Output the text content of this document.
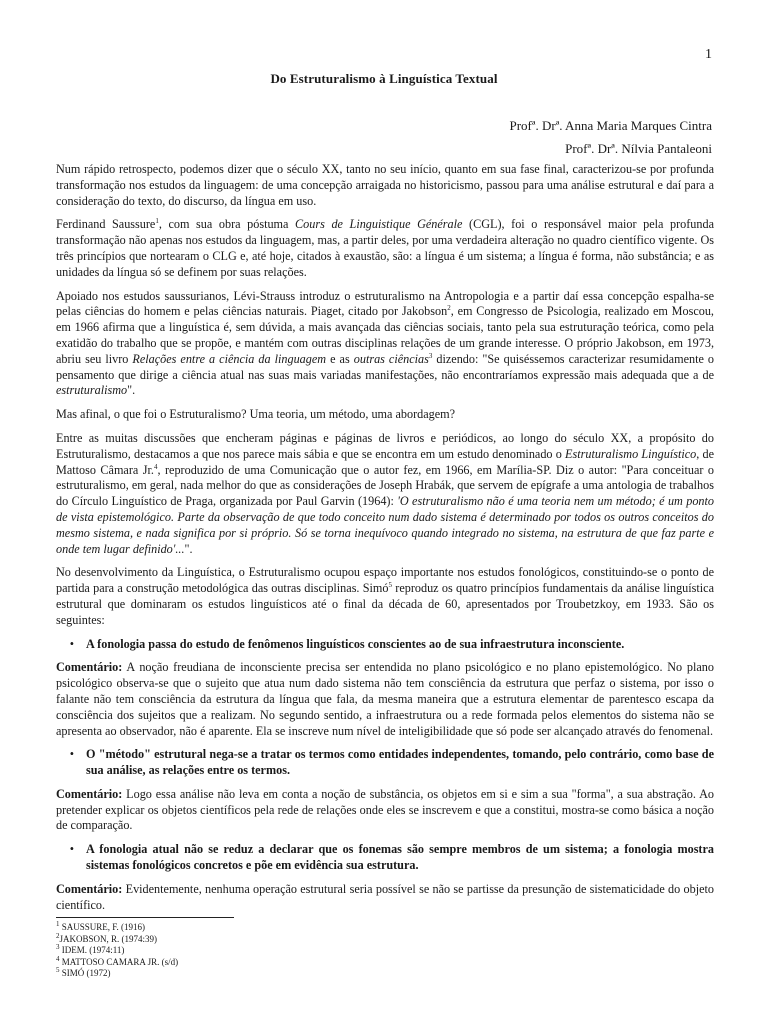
1
Do Estruturalismo à Linguística Textual
Profª. Drª. Anna Maria Marques Cintra
Profª. Drª. Nílvia Pantaleoni

Num rápido retrospecto, podemos dizer que o século XX, tanto no seu início, quanto em sua fase final, caracterizou-se por profunda transformação nos estudos da linguagem: de uma concepção arraigada no historicismo, passou para uma análise estrutural e daí para a consideração do texto, do discurso, da língua em uso.

Ferdinand Saussure$^1$, com sua obra póstuma Cours de Linguistique Générale (CGL), foi o responsável maior pela profunda transformação não apenas nos estudos da linguagem, mas, a partir deles, por uma verdadeira alteração no quadro científico vigente. Os três princípios que nortearam o CLG e, até hoje, citados à exaustão, são: a língua é um sistema; a língua é forma, não substância; e as unidades da língua só se definem por suas relações.

Apoiado nos estudos saussurianos, Lévi-Strauss introduz o estruturalismo na Antropologia e a partir daí essa concepção espalha-se pelas ciências do homem e pelas ciências naturais. Piaget, citado por Jakobson$^2$, em Congresso de Psicologia, realizado em Moscou, em 1966 afirma que a linguística é, sem dúvida, a mais avançada das ciências sociais, tanto pela sua estruturação teórica, como pela exatidão do trabalho que se propõe, e mantém com outras disciplinas relações de um grande interesse. O próprio Jakobson, em 1973, abriu seu livro Relações entre a ciência da linguagem e as outras ciências$^3$ dizendo: "Se quiséssemos caracterizar resumidamente o pensamento que dirige a ciência atual nas suas mais variadas manifestações, não encontraríamos expressão mais adequada que a de estruturalismo".

Mas afinal, o que foi o Estruturalismo? Uma teoria, um método, uma abordagem?

Entre as muitas discussões que encheram páginas e páginas de livros e periódicos, ao longo do século XX, a propósito do Estruturalismo, destacamos a que nos parece mais sábia e que se encontra em um estudo denominado o Estruturalismo Linguístico, de Mattoso Câmara Jr.$^4$, reproduzido de uma Comunicação que o autor fez, em 1966, em Marília-SP. Diz o autor: "Para conceituar o estruturalismo, em geral, nada melhor do que as considerações de Joseph Hrabák, que servem de epígrafe a uma antologia de trabalhos do Círculo Linguístico de Praga, organizada por Paul Garvin (1964): 'O estruturalismo não é uma teoria nem um método; é um ponto de vista epistemológico. Parte da observação de que todo conceito num dado sistema é determinado por todos os outros conceitos do mesmo sistema, e nada significa por si próprio. Só se torna inequívoco quando integrado no sistema, na estrutura de que faz parte e onde tem lugar definido'...".

No desenvolvimento da Linguística, o Estruturalismo ocupou espaço importante nos estudos fonológicos, constituindo-se o ponto de partida para a construção metodológica das outras disciplinas. Simó$^5$ reproduz os quatro princípios fundamentais da análise linguística estrutural que dominaram os estudos linguísticos até o final da década de 60, apresentados por Troubetzkoy, em 1933. São os seguintes:

• A fonologia passa do estudo de fenômenos linguísticos conscientes ao de sua infraestrutura inconsciente.

Comentário: A noção freudiana de inconsciente precisa ser entendida no plano psicológico e no plano epistemológico. No plano psicológico observa-se que o sujeito que atua num dado sistema não tem consciência da estrutura que perfaz o sistema, por isso o falante não tem consciência da estrutura da língua que fala, da mesma maneira que a estrutura elementar de parentesco escapa da consciência dos sujeitos que a realizam. No segundo sentido, a infraestrutura ou a rede formada pelos elementos do sistema não se apresenta ao observador, não é aparente. Ela se inscreve num nível de inteligibilidade que só pode ser alcançado através do fenomenal.

• O "método" estrutural nega-se a tratar os termos como entidades independentes, tomando, pelo contrário, como base de sua análise, as relações entre os termos.

Comentário: Logo essa análise não leva em conta a noção de substância, os objetos em si e sim a sua "forma", a sua abstração. Ao pretender explicar os objetos científicos pela rede de relações onde eles se inscrevem e que a constitui, mostra-se como básica a noção de comparação.

• A fonologia atual não se reduz a declarar que os fonemas são sempre membros de um sistema; a fonologia mostra sistemas fonológicos concretos e põe em evidência sua estrutura.

Comentário: Evidentemente, nenhuma operação estrutural seria possível se não se partisse da presunção de sistematicidade do objeto científico.

$^1$ SAUSSURE, F. (1916)
$^2$JAKOBSON, R. (1974:39)
$^3$ IDEM. (1974:11)
$^4$ MATTOSO CAMARA JR. (s/d)
$^5$ SIMÓ (1972)
